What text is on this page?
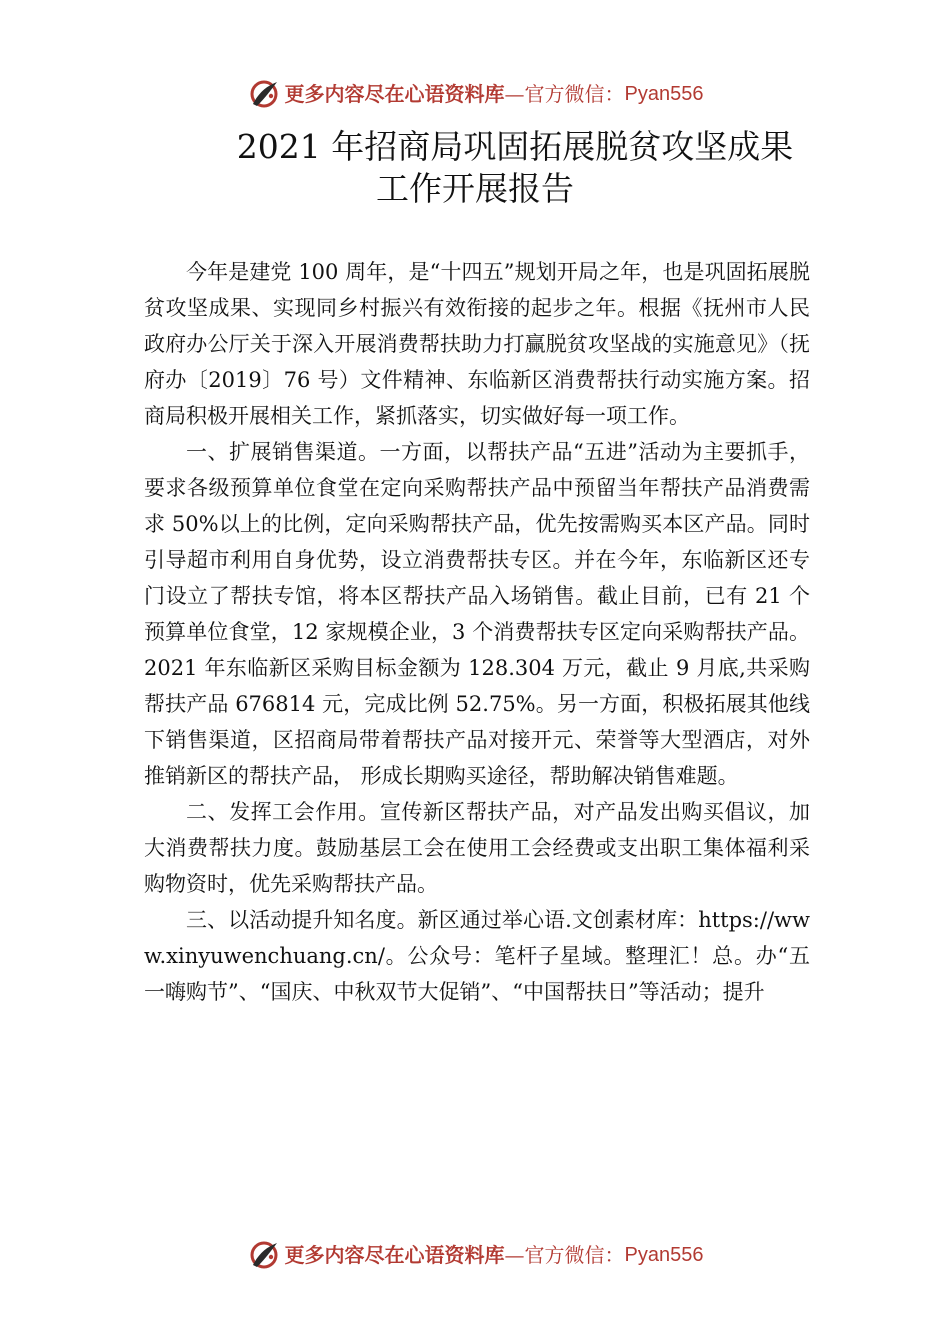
更多内容尽在心语资料库 — 官方微信： Pyan556
2021 年招商局巩固拓展脱贫攻坚成果
工作开展报告

今年是建党 100 周年，是“十四五”规划开局之年，也是巩固拓展脱贫攻坚成果、实现同乡村振兴有效衔接的起步之年。根据《抚州市人民政府办公厅关于深入开展消费帮扶助力打赢脱贫攻坚战的实施意见》（抚府办〔2019〕76 号）文件精神、东临新区消费帮扶行动实施方案。招商局积极开展相关工作，紧抓落实，切实做好每一项工作。

一、扩展销售渠道。一方面，以帮扶产品“五进”活动为主要抓手，要求各级预算单位食堂在定向采购帮扶产品中预留当年帮扶产品消费需求 50%以上的比例，定向采购帮扶产品，优先按需购买本区产品。同时引导超市利用自身优势，设立消费帮扶专区。并在今年，东临新区还专门设立了帮扶专馆，将本区帮扶产品入场销售。截止目前，已有 21 个预算单位食堂，12 家规模企业，3 个消费帮扶专区定向采购帮扶产品。2021 年东临新区采购目标金额为 128.304 万元，截止 9 月底,共采购帮扶产品 676814 元，完成比例 52.75%。另一方面，积极拓展其他线下销售渠道，区招商局带着帮扶产品对接开元、荣誉等大型酒店，对外推销新区的帮扶产品， 形成长期购买途径，帮助解决销售难题。

二、发挥工会作用。宣传新区帮扶产品，对产品发出购买倡议，加大消费帮扶力度。鼓励基层工会在使用工会经费或支出职工集体福利采购物资时，优先采购帮扶产品。

三、以活动提升知名度。新区通过举心语.文创素材库：https://www.xinyuwenchuang.cn/。公众号：笔杆子星域。整理汇！总。办“五一嗨购节”、“国庆、中秋双节大促销”、“中国帮扶日”等活动；提升

更多内容尽在心语资料库 — 官方微信： Pyan556
